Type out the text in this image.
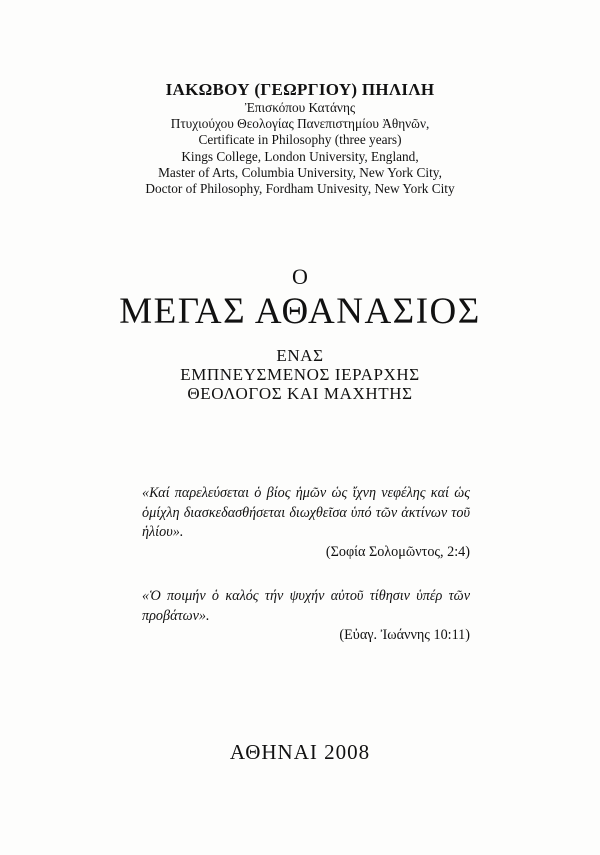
ΙΑΚΩΒΟΥ (ΓΕΩΡΓΙΟΥ) ΠΗΛΙΛΗ
Ἐπισκόπου Κατάνης
Πτυχιούχου Θεολογίας Πανεπιστημίου Ἀθηνῶν,
Certificate in Philosophy (three years)
Kings College, London University, England,
Master of Arts, Columbia University, New York City,
Doctor of Philosophy, Fordham Univesity, New York City
Ο
ΜΕΓΑΣ ΑΘΑΝΑΣΙΟΣ
ΕΝΑΣ
ΕΜΠΝΕΥΣΜΕΝΟΣ ΙΕΡΑΡΧΗΣ
ΘΕΟΛΟΓΟΣ ΚΑΙ ΜΑΧΗΤΗΣ
«Καί παρελεύσεται ὁ βίος ἡμῶν ὡς ἴχνη νεφέλης καί ὡς ὁμίχλη διασκεδασθήσεται διωχθεῖσα ὑπό τῶν ἀκτίνων τοῦ ἡλίου».
(Σοφία Σολομῶντος, 2:4)
«Ὁ ποιμήν ὁ καλός τήν ψυχήν αὐτοῦ τίθησιν ὑπέρ τῶν προβάτων».
(Εὐαγ. Ἰωάννης 10:11)
ΑΘΗΝΑΙ 2008
